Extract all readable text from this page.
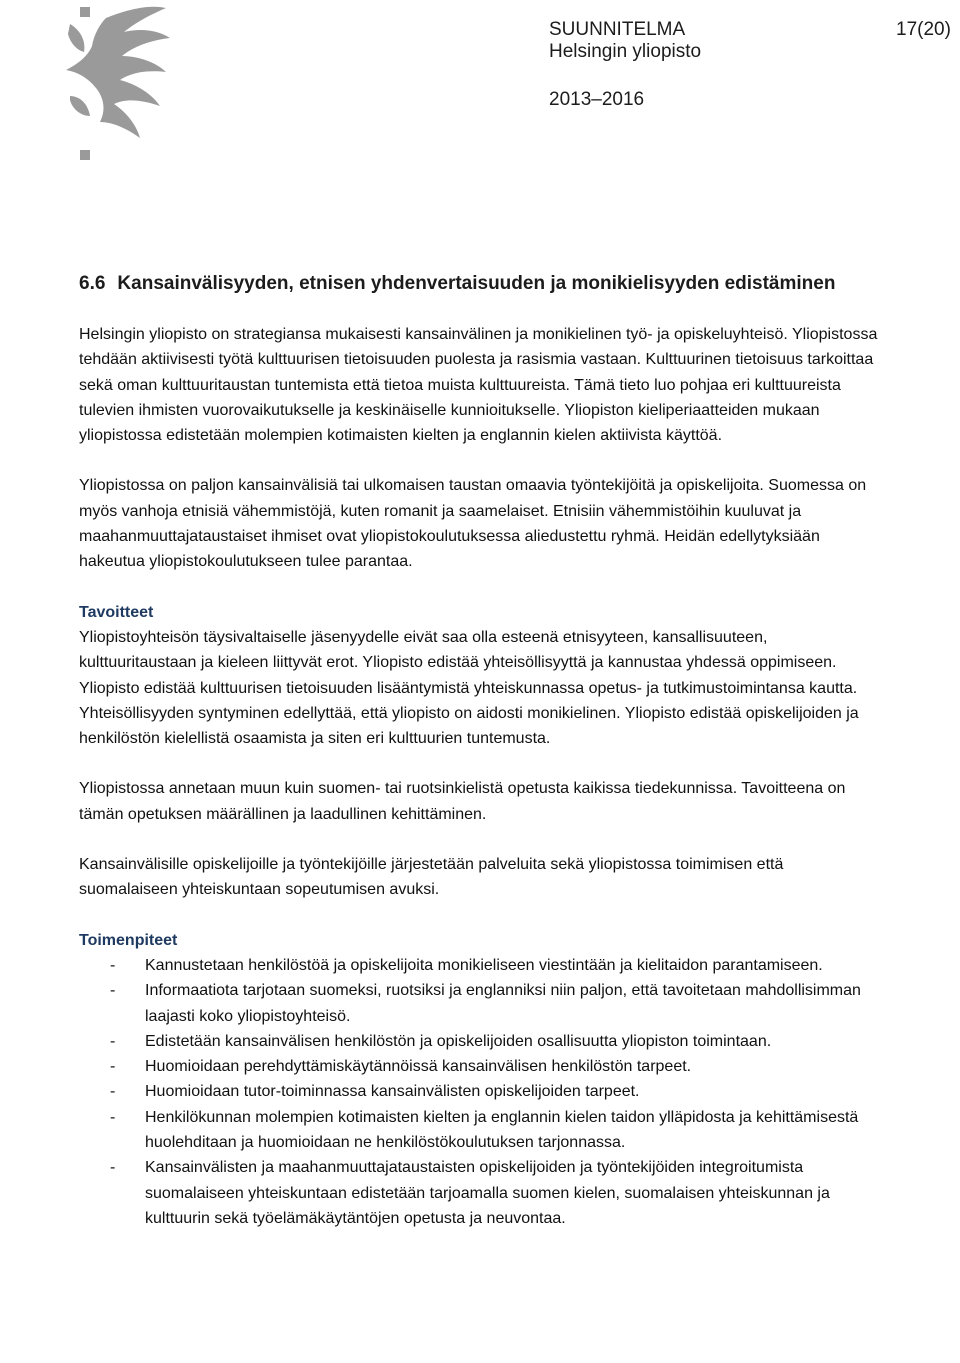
SUUNNITELMA	17(20)
Helsingin yliopisto
2013–2016
6.6 Kansainvälisyyden, etnisen yhdenvertaisuuden ja monikielisyyden edistäminen

Helsingin yliopisto on strategiansa mukaisesti kansainvälinen ja monikielinen työ- ja opiskeluyhteisö. Yliopistossa tehdään aktiivisesti työtä kulttuurisen tietoisuuden puolesta ja rasismia vastaan. Kulttuurinen tietoisuus tarkoittaa sekä oman kulttuuritaustan tuntemista että tietoa muista kulttuureista. Tämä tieto luo pohjaa eri kulttuureista tulevien ihmisten vuorovaikutukselle ja keskinäiselle kunnioitukselle. Yliopiston kieliperiaatteiden mukaan yliopistossa edistetään molempien kotimaisten kielten ja englannin kielen aktiivista käyttöä.

Yliopistossa on paljon kansainvälisiä tai ulkomaisen taustan omaavia työntekijöitä ja opiskelijoita. Suomessa on myös vanhoja etnisiä vähemmistöjä, kuten romanit ja saamelaiset. Etnisiin vähemmistöihin kuuluvat ja maahanmuuttajataustaiset ihmiset ovat yliopistokoulutuksessa aliedustettu ryhmä. Heidän edellytyksiään hakeutua yliopistokoulutukseen tulee parantaa.

Tavoitteet

Yliopistoyhteisön täysivaltaiselle jäsenyydelle eivät saa olla esteenä etnisyyteen, kansallisuuteen, kulttuuritaustaan ja kieleen liittyvät erot. Yliopisto edistää yhteisöllisyyttä ja kannustaa yhdessä oppimiseen. Yliopisto edistää kulttuurisen tietoisuuden lisääntymistä yhteiskunnassa opetus- ja tutkimustoimintansa kautta. Yhteisöllisyyden syntyminen edellyttää, että yliopisto on aidosti monikielinen. Yliopisto edistää opiskelijoiden ja henkilöstön kielellistä osaamista ja siten eri kulttuurien tuntemusta.

Yliopistossa annetaan muun kuin suomen- tai ruotsinkielistä opetusta kaikissa tiedekunnissa. Tavoitteena on tämän opetuksen määrällinen ja laadullinen kehittäminen.

Kansainvälisille opiskelijoille ja työntekijöille järjestetään palveluita sekä yliopistossa toimimisen että suomalaiseen yhteiskuntaan sopeutumisen avuksi.

Toimenpiteet
- Kannustetaan henkilöstöä ja opiskelijoita monikieliseen viestintään ja kielitaidon parantamiseen.
- Informaatiota tarjotaan suomeksi, ruotsiksi ja englanniksi niin paljon, että tavoitetaan mahdollisimman laajasti koko yliopistoyhteisö.
- Edistetään kansainvälisen henkilöstön ja opiskelijoiden osallisuutta yliopiston toimintaan.
- Huomioidaan perehdyttämiskäytännöissä kansainvälisen henkilöstön tarpeet.
- Huomioidaan tutor-toiminnassa kansainvälisten opiskelijoiden tarpeet.
- Henkilökunnan molempien kotimaisten kielten ja englannin kielen taidon ylläpidosta ja kehittämisestä huolehditaan ja huomioidaan ne henkilöstökoulutuksen tarjonnassa.
- Kansainvälisten ja maahanmuuttajataustaisten opiskelijoiden ja työntekijöiden integroitumista suomalaiseen yhteiskuntaan edistetään tarjoamalla suomen kielen, suomalaisen yhteiskunnan ja kulttuurin sekä työelämäkäytäntöjen opetusta ja neuvontaa.
